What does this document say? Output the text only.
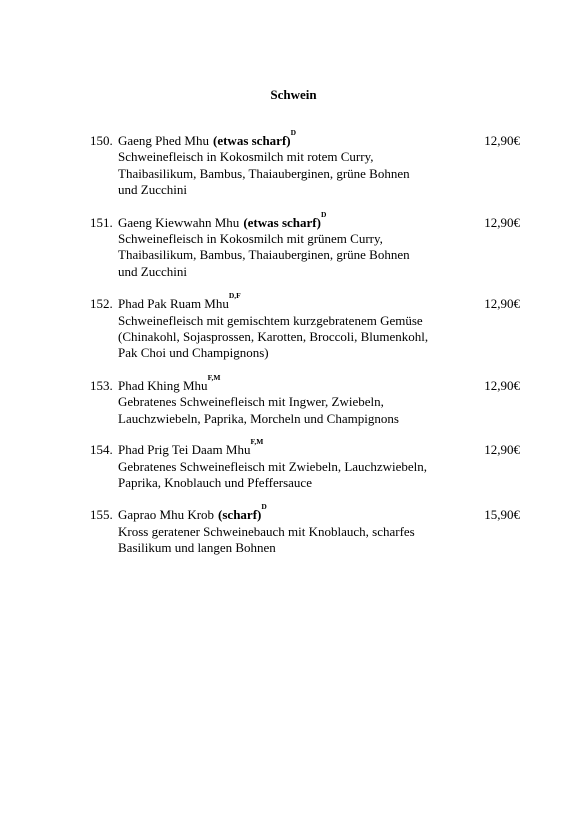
Schwein
150. Gaeng Phed Mhu (etwas scharf)
D
12,90€
Schweinefleisch in Kokosmilch mit rotem Curry,
Thaibasilikum, Bambus, Thaiauberginen, grüne Bohnen
und Zucchini
151. Gaeng Kiewwahn Mhu (etwas scharf)
D
12,90€
Schweinefleisch in Kokosmilch mit grünem Curry,
Thaibasilikum, Bambus, Thaiauberginen, grüne Bohnen
und Zucchini
152. Phad Pak Ruam Mhu
D,F
12,90€
Schweinefleisch mit gemischtem kurzgebratenem Gemüse
(Chinakohl, Sojasprossen, Karotten, Broccoli, Blumenkohl,
Pak Choi und Champignons)
153. Phad Khing Mhu
F,M
12,90€
Gebratenes Schweinefleisch mit Ingwer, Zwiebeln,
Lauchzwiebeln, Paprika, Morcheln und Champignons
154. Phad Prig Tei Daam Mhu
F,M
12,90€
Gebratenes Schweinefleisch mit Zwiebeln, Lauchzwiebeln,
Paprika, Knoblauch und Pfeffersauce
155. Gaprao Mhu Krob (scharf)
D
15,90€
Kross geratener Schweinebauch mit Knoblauch, scharfes
Basilikum und langen Bohnen
